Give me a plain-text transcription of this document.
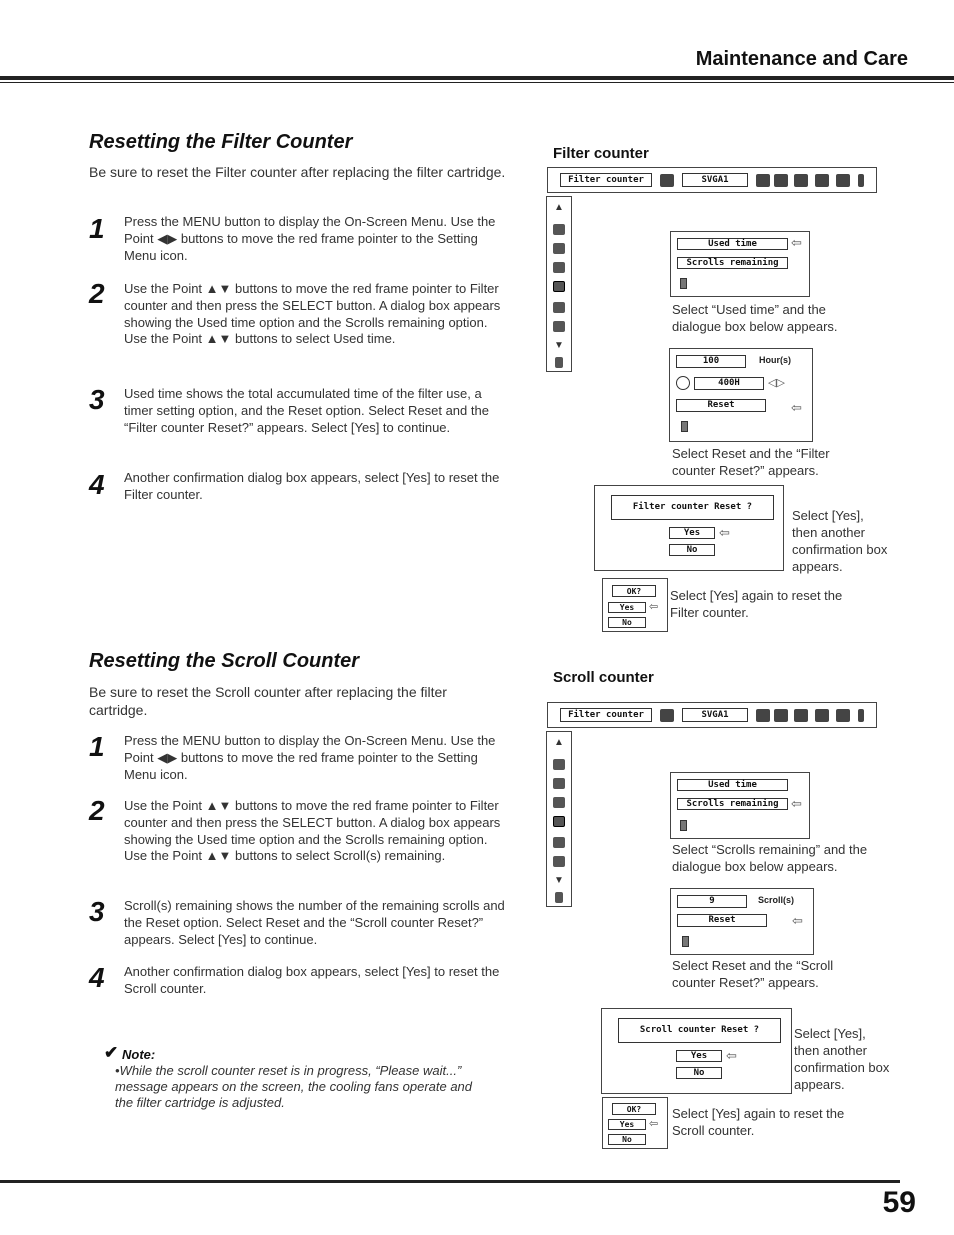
Maintenance and Care
Resetting the Filter Counter
Be sure to reset the Filter counter after replacing the filter cartridge.
1	Press the MENU button to display the On-Screen Menu. Use the Point ◀▶ buttons to move the red frame pointer to the Setting Menu icon.
2	Use the Point ▲▼ buttons to move the red frame pointer to Filter counter and then press the SELECT button. A dialog box appears showing the Used time option and the Scrolls remaining option. Use the Point ▲▼ buttons to select Used time.
3	Used time shows the total accumulated time of the filter use, a timer setting option, and the Reset option. Select Reset and the “Filter counter Reset?” appears. Select [Yes] to continue.
4	Another confirmation dialog box appears, select [Yes] to reset the Filter counter.
Filter counter
Filter counter	SVGA1
▲
▼
Used time	⇦
Scrolls remaining
Select “Used time” and the dialogue box below appears.
100	Hour(s)
400H	◁▷
Reset	⇦
Select Reset and the “Filter counter Reset?” appears.
Filter counter Reset ?
Yes	⇦
No
Select [Yes], then another confirmation box appears.
OK?
Yes	⇦
No
Select [Yes] again to reset the Filter counter.
Resetting the Scroll Counter
Be sure to reset the Scroll counter after replacing the filter cartridge.
1	Press the MENU button to display the On-Screen Menu. Use the Point ◀▶ buttons to move the red frame pointer to the Setting Menu icon.
2	Use the Point ▲▼ buttons to move the red frame pointer to Filter counter and then press the SELECT button. A dialog box appears showing the Used time option and the Scrolls remaining option. Use the Point ▲▼ buttons to select Scroll(s) remaining.
3	Scroll(s) remaining shows the number of the remaining scrolls and the Reset option. Select Reset and the “Scroll counter Reset?” appears. Select [Yes] to continue.
4	Another confirmation dialog box appears, select [Yes] to reset the Scroll counter.
Scroll counter
Filter counter	SVGA1
▲
▼
Used time
Scrolls remaining ⇦
Select “Scrolls remaining” and the dialogue box below appears.
9	Scroll(s)
Reset	⇦
Select Reset and the “Scroll counter Reset?” appears.
Scroll counter Reset ?
Yes	⇦
No
Select [Yes], then another confirmation box appears.
OK?
Yes	⇦
No
Select [Yes] again to reset the Scroll counter.
✔ Note:
•While the scroll counter reset is in progress, “Please wait...” message appears on the screen, the cooling fans operate and the filter cartridge is adjusted.
59
